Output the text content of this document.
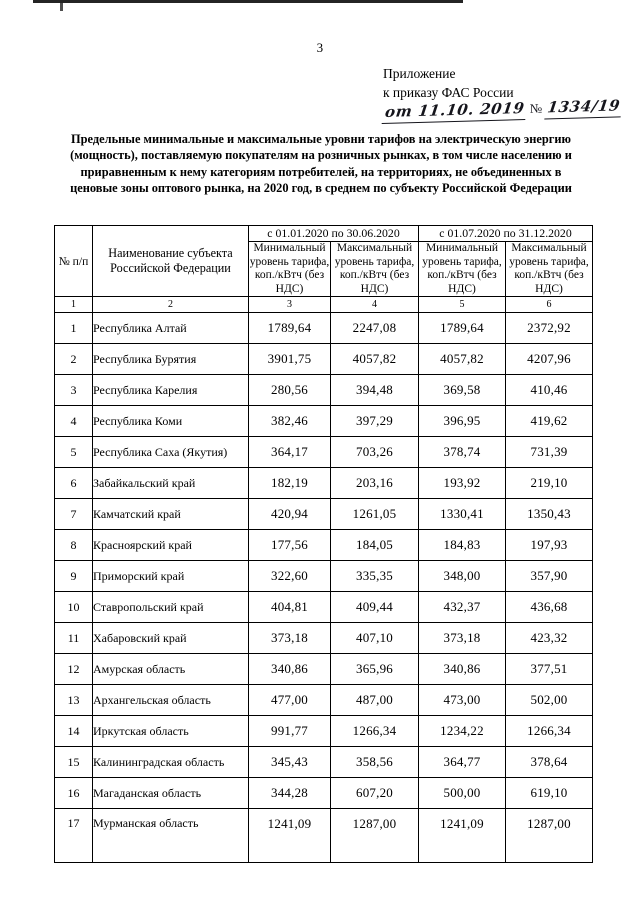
3
Приложение
к приказу ФАС России
от 11.10. 2019 № 1334/19
Предельные минимальные и максимальные уровни тарифов на электрическую энергию (мощность), поставляемую покупателям на розничных рынках, в том числе населению и приравненным к нему категориям потребителей, на территориях, не объединенных в ценовые зоны оптового рынка, на 2020 год, в среднем по субъекту Российской Федерации
№ п/п	Наименование субъекта Российской Федерации	с 01.01.2020 по 30.06.2020		с 01.07.2020 по 31.12.2020	
		Минимальный уровень тарифа, коп./кВтч (без НДС)	Максимальный уровень тарифа, коп./кВтч (без НДС)	Минимальный уровень тарифа, коп./кВтч (без НДС)	Максимальный уровень тарифа, коп./кВтч (без НДС)
1	2	3	4	5	6
1	Республика Алтай	1789,64	2247,08	1789,64	2372,92
2	Республика Бурятия	3901,75	4057,82	4057,82	4207,96
3	Республика Карелия	280,56	394,48	369,58	410,46
4	Республика Коми	382,46	397,29	396,95	419,62
5	Республика Саха (Якутия)	364,17	703,26	378,74	731,39
6	Забайкальский край	182,19	203,16	193,92	219,10
7	Камчатский край	420,94	1261,05	1330,41	1350,43
8	Красноярский край	177,56	184,05	184,83	197,93
9	Приморский край	322,60	335,35	348,00	357,90
10	Ставропольский край	404,81	409,44	432,37	436,68
11	Хабаровский край	373,18	407,10	373,18	423,32
12	Амурская область	340,86	365,96	340,86	377,51
13	Архангельская область	477,00	487,00	473,00	502,00
14	Иркутская область	991,77	1266,34	1234,22	1266,34
15	Калининградская область	345,43	358,56	364,77	378,64
16	Магаданская область	344,28	607,20	500,00	619,10
17	Мурманская область	1241,09	1287,00	1241,09	1287,00
